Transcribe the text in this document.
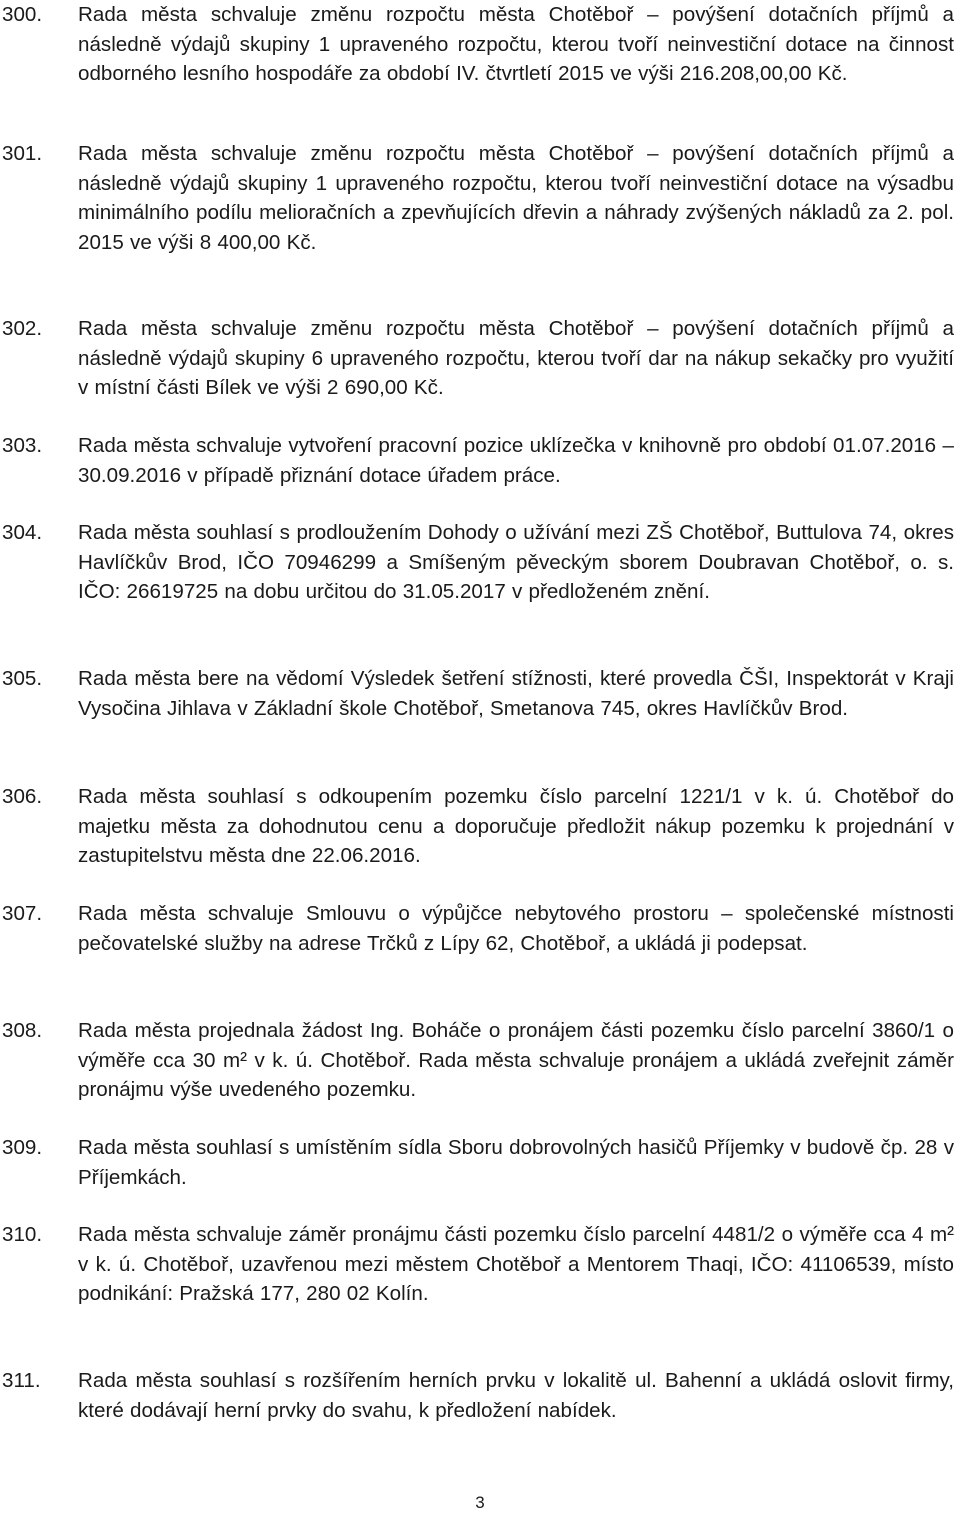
300.	Rada města schvaluje změnu rozpočtu města Chotěboř – povýšení dotačních příjmů a následně výdajů skupiny 1 upraveného rozpočtu, kterou tvoří neinvestiční dotace na činnost odborného lesního hospodáře za období IV. čtvrtletí 2015 ve výši 216.208,00,00 Kč.
301.	Rada města schvaluje změnu rozpočtu města Chotěboř – povýšení dotačních příjmů a následně výdajů skupiny 1 upraveného rozpočtu, kterou tvoří neinvestiční dotace na výsadbu minimálního podílu melioračních a zpevňujících dřevin a náhrady zvýšených nákladů za 2. pol. 2015 ve výši 8 400,00 Kč.
302.	Rada města schvaluje změnu rozpočtu města Chotěboř – povýšení dotačních příjmů a následně výdajů skupiny 6 upraveného rozpočtu, kterou tvoří dar na nákup sekačky pro využití v místní části Bílek ve výši 2 690,00 Kč.
303.	Rada města schvaluje vytvoření pracovní pozice uklízečka v knihovně pro období 01.07.2016 – 30.09.2016 v případě přiznání dotace úřadem práce.
304.	Rada města souhlasí s prodloužením Dohody o užívání mezi ZŠ Chotěboř, Buttulova 74, okres Havlíčkův Brod, IČO 70946299 a Smíšeným pěveckým sborem Doubravan Chotěboř, o. s. IČO: 26619725 na dobu určitou do 31.05.2017 v předloženém znění.
305.	Rada města bere na vědomí Výsledek šetření stížnosti, které provedla ČŠI, Inspektorát v Kraji Vysočina Jihlava v Základní škole Chotěboř, Smetanova 745, okres Havlíčkův Brod.
306.	Rada města souhlasí s odkoupením pozemku číslo parcelní 1221/1 v k. ú. Chotěboř do majetku města za dohodnutou cenu a doporučuje předložit nákup pozemku k projednání v zastupitelstvu města dne 22.06.2016.
307.	Rada města schvaluje Smlouvu o výpůjčce nebytového prostoru – společenské místnosti pečovatelské služby na adrese Trčků z Lípy 62, Chotěboř, a ukládá ji podepsat.
308.	Rada města projednala žádost Ing. Boháče o pronájem části pozemku číslo parcelní 3860/1 o výměře cca 30 m² v k. ú. Chotěboř. Rada města schvaluje pronájem a ukládá zveřejnit záměr pronájmu výše uvedeného pozemku.
309.	Rada města souhlasí s umístěním sídla Sboru dobrovolných hasičů Příjemky v budově čp. 28 v Příjemkách.
310.	Rada města schvaluje záměr pronájmu části pozemku číslo parcelní 4481/2 o výměře cca 4 m² v k. ú. Chotěboř, uzavřenou mezi městem Chotěboř a Mentorem Thaqi, IČO: 41106539, místo podnikání: Pražská 177, 280 02 Kolín.
311.	Rada města souhlasí s rozšířením herních prvku v lokalitě ul. Bahenní a ukládá oslovit firmy, které dodávají herní prvky do svahu, k předložení nabídek.
3
